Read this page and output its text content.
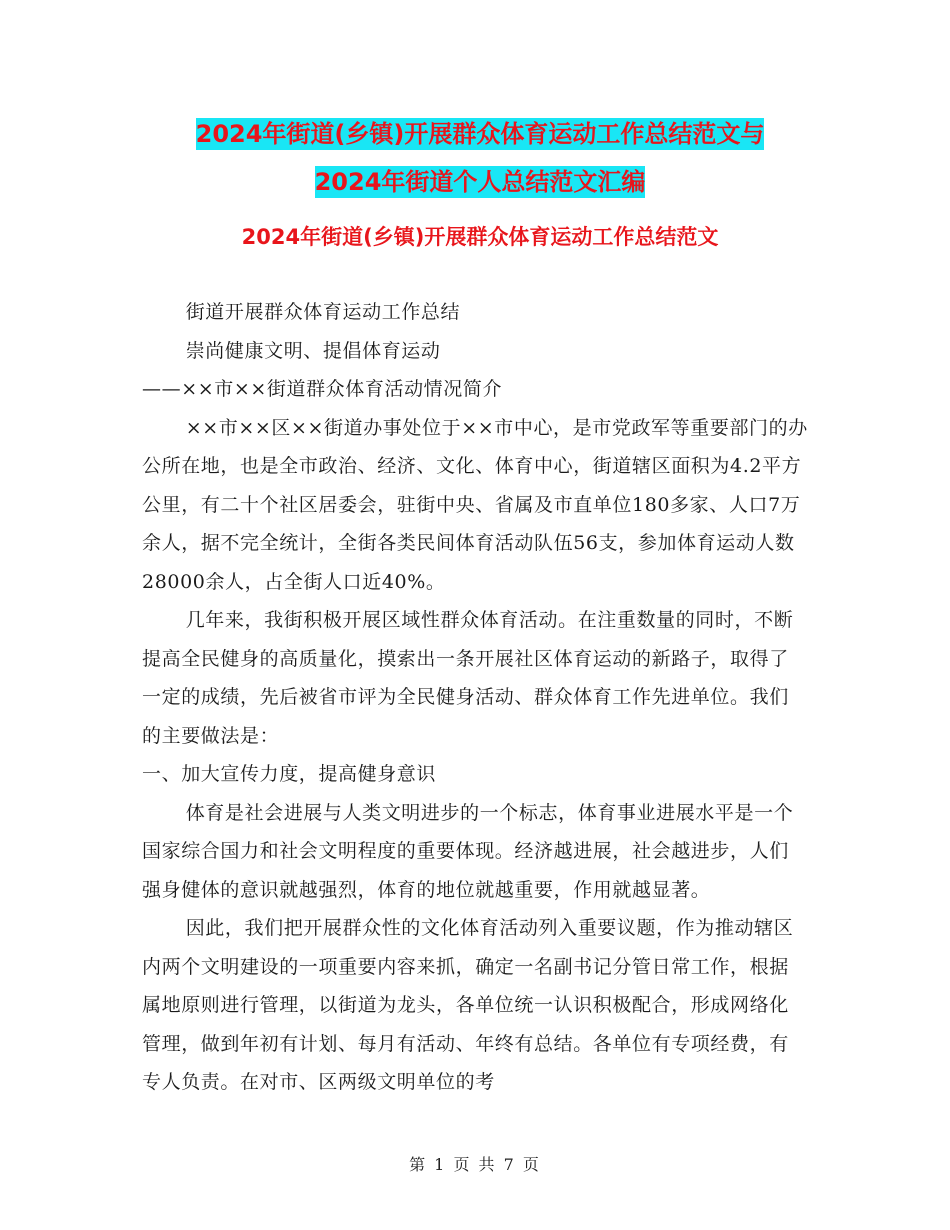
2024年街道(乡镇)开展群众体育运动工作总结范文与
2024年街道个人总结范文汇编
2024年街道(乡镇)开展群众体育运动工作总结范文

街道开展群众体育运动工作总结

崇尚健康文明、提倡体育运动

——××市××街道群众体育活动情况简介

××市××区××街道办事处位于××市中心，是市党政军等重要部门的办公所在地，也是全市政治、经济、文化、体育中心，街道辖区面积为4.2平方公里，有二十个社区居委会，驻街中央、省属及市直单位180多家、人口7万余人，据不完全统计，全街各类民间体育活动队伍56支，参加体育运动人数28000余人，占全街人口近40%。

几年来，我街积极开展区域性群众体育活动。在注重数量的同时，不断提高全民健身的高质量化，摸索出一条开展社区体育运动的新路子，取得了一定的成绩，先后被省市评为全民健身活动、群众体育工作先进单位。我们的主要做法是：

一、加大宣传力度，提高健身意识

体育是社会进展与人类文明进步的一个标志，体育事业进展水平是一个国家综合国力和社会文明程度的重要体现。经济越进展，社会越进步，人们强身健体的意识就越强烈，体育的地位就越重要，作用就越显著。

因此，我们把开展群众性的文化体育活动列入重要议题，作为推动辖区内两个文明建设的一项重要内容来抓，确定一名副书记分管日常工作，根据属地原则进行管理，以街道为龙头，各单位统一认识积极配合，形成网络化管理，做到年初有计划、每月有活动、年终有总结。各单位有专项经费，有专人负责。在对市、区两级文明单位的考

第 1 页 共 7 页
